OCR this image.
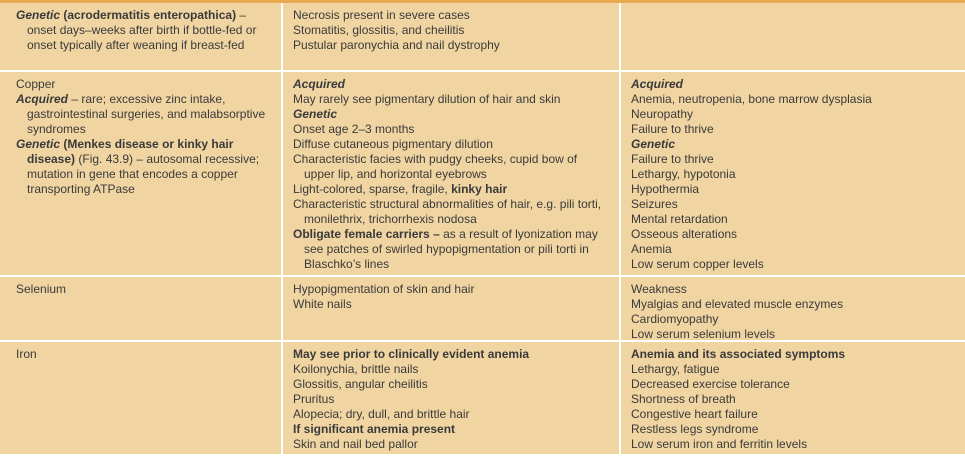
Genetic (acrodermatitis enteropathica) – onset days–weeks after birth if bottle-fed or onset typically after weaning if breast-fed

Necrosis present in severe cases

Stomatitis, glossitis, and cheilitis

Pustular paronychia and nail dystrophy

Copper

Acquired – rare; excessive zinc intake, gastrointestinal surgeries, and malabsorptive syndromes

Genetic (Menkes disease or kinky hair disease) (Fig. 43.9) – autosomal recessive; mutation in gene that encodes a copper transporting ATPase

Acquired

May rarely see pigmentary dilution of hair and skin

Genetic

Onset age 2–3 months

Diffuse cutaneous pigmentary dilution

Characteristic facies with pudgy cheeks, cupid bow of upper lip, and horizontal eyebrows

Light-colored, sparse, fragile, kinky hair

Characteristic structural abnormalities of hair, e.g. pili torti, monilethrix, trichorrhexis nodosa

Obligate female carriers – as a result of lyonization may see patches of swirled hypopigmentation or pili torti in Blaschko’s lines

Acquired

Anemia, neutropenia, bone marrow dysplasia

Neuropathy

Failure to thrive

Genetic

Failure to thrive

Lethargy, hypotonia

Hypothermia

Seizures

Mental retardation

Osseous alterations

Anemia

Low serum copper levels

Selenium	Hypopigmentation of skin and hair

White nails

Weakness

Myalgias and elevated muscle enzymes

Cardiomyopathy

Low serum selenium levels

Iron	May see prior to clinically evident anemia

Koilonychia, brittle nails

Glossitis, angular cheilitis

Pruritus

Alopecia; dry, dull, and brittle hair

If significant anemia present

Skin and nail bed pallor

Anemia and its associated symptoms

Lethargy, fatigue

Decreased exercise tolerance

Shortness of breath

Congestive heart failure

Restless legs syndrome

Low serum iron and ferritin levels
